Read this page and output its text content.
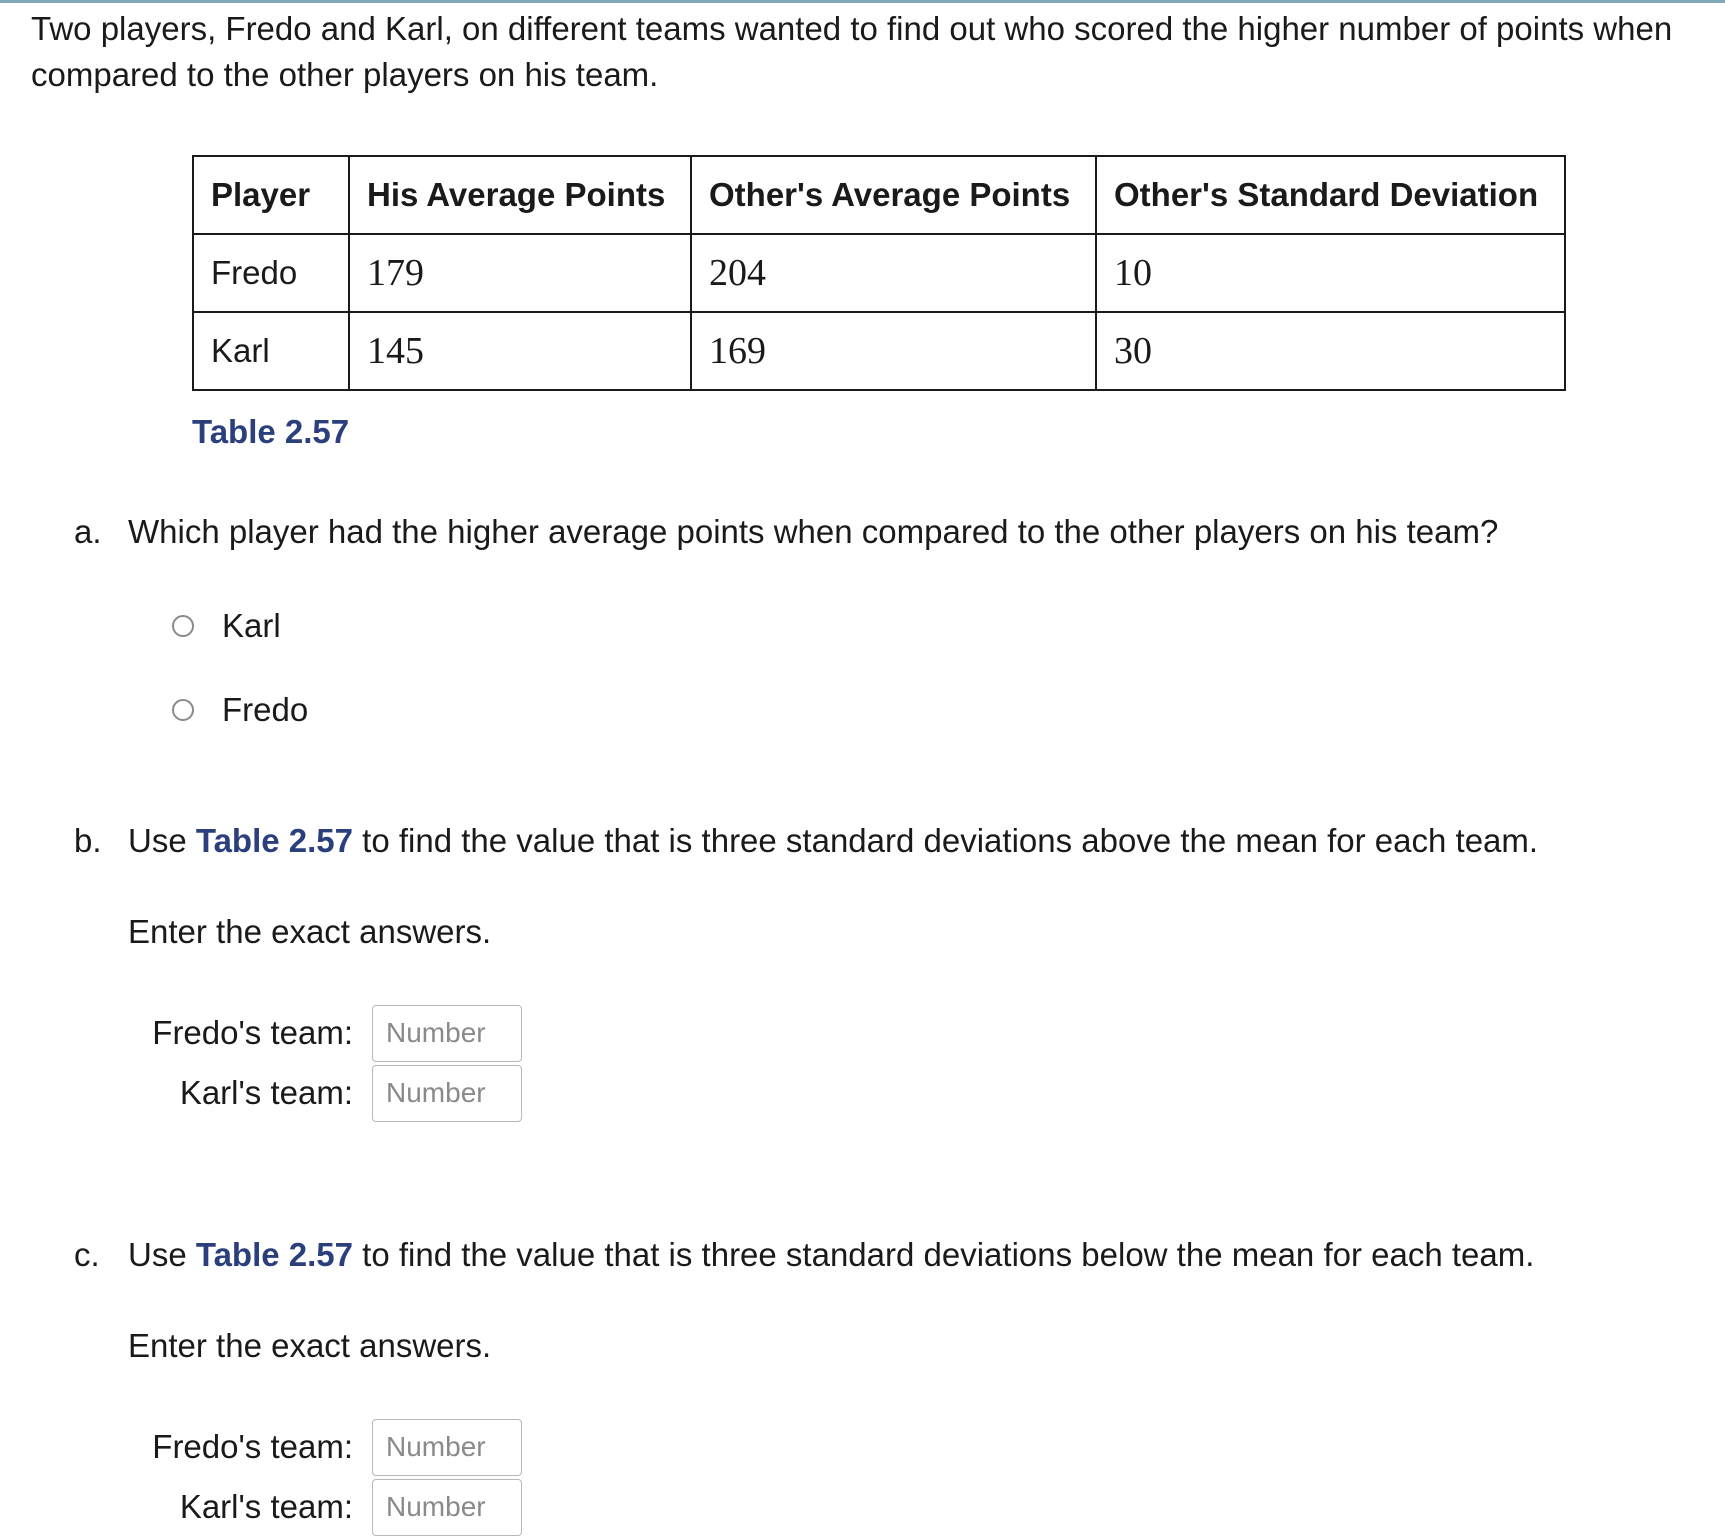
Two players, Fredo and Karl, on different teams wanted to find out who scored the higher number of points when compared to the other players on his team.
Player	His Average Points	Other's Average Points	Other's Standard Deviation
Fredo	179	204	10
Karl	145	169	30
Table 2.57
a. Which player had the higher average points when compared to the other players on his team?
Karl
Fredo
b. Use Table 2.57 to find the value that is three standard deviations above the mean for each team.
Enter the exact answers.
Fredo's team:
Number
Karl's team:
Number
c. Use Table 2.57 to find the value that is three standard deviations below the mean for each team.
Enter the exact answers.
Fredo's team:
Number
Karl's team:
Number
